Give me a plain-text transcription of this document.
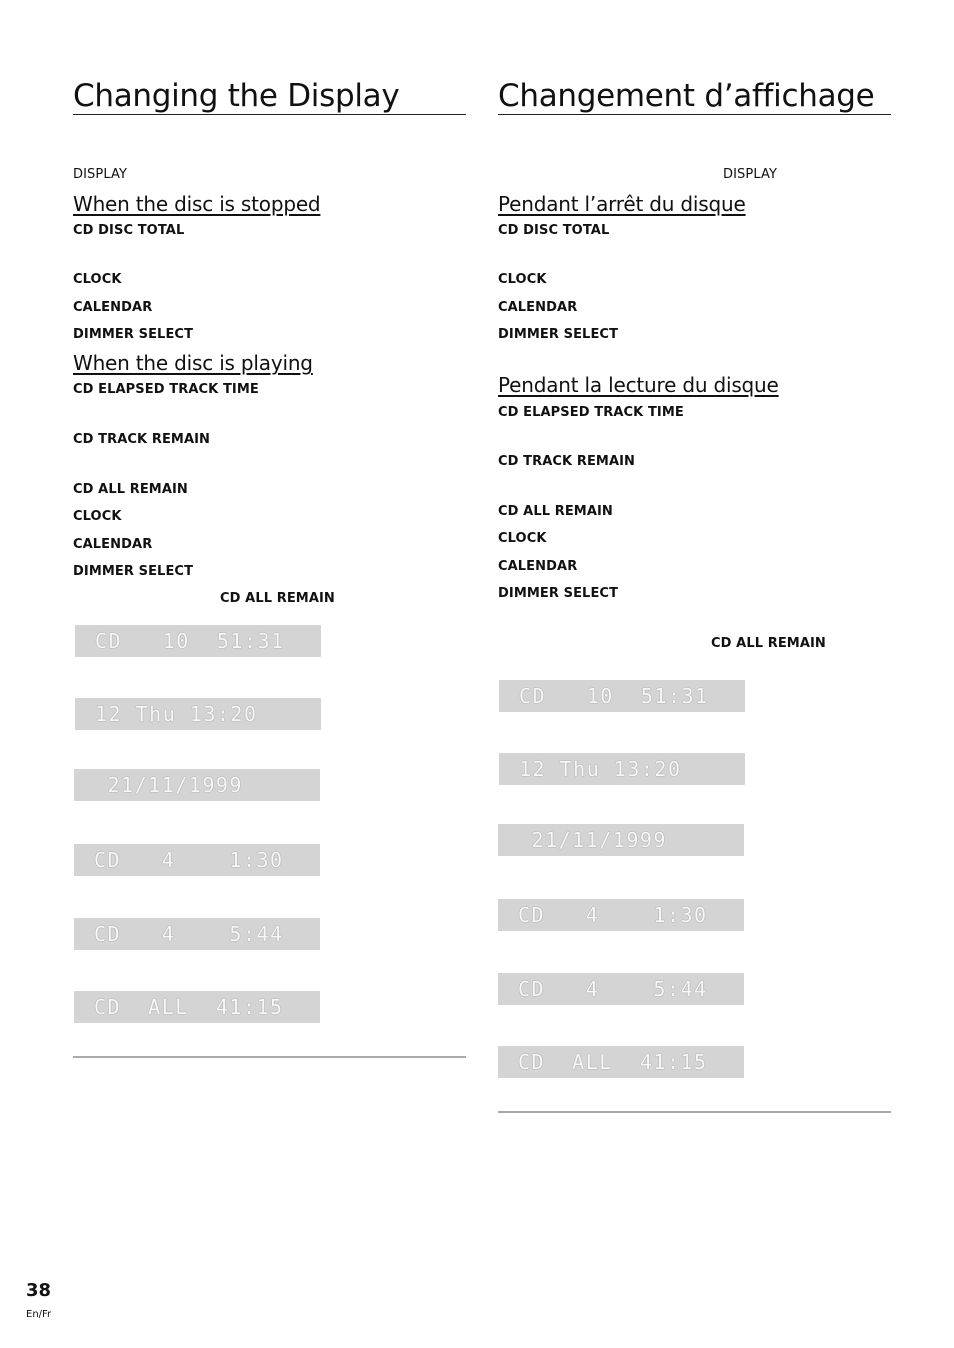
Changing the Display
DISPLAY
When the disc is stopped
CD DISC TOTAL
CLOCK
CALENDAR
DIMMER SELECT
When the disc is playing
CD ELAPSED TRACK TIME
CD TRACK REMAIN
CD ALL REMAIN
CLOCK
CALENDAR
DIMMER SELECT
CD ALL REMAIN
CD   10  51:31
12 Thu 13:20
21/11/1999
CD   4    1:30
CD   4    5:44
CD  ALL  41:15
Changement d’affichage
DISPLAY
Pendant l’arrêt du disque
CD DISC TOTAL
CLOCK
CALENDAR
DIMMER SELECT
Pendant la lecture du disque
CD ELAPSED TRACK TIME
CD TRACK REMAIN
CD ALL REMAIN
CLOCK
CALENDAR
DIMMER SELECT
CD ALL REMAIN
CD   10  51:31
12 Thu 13:20
21/11/1999
CD   4    1:30
CD   4    5:44
CD  ALL  41:15
38
En/Fr
